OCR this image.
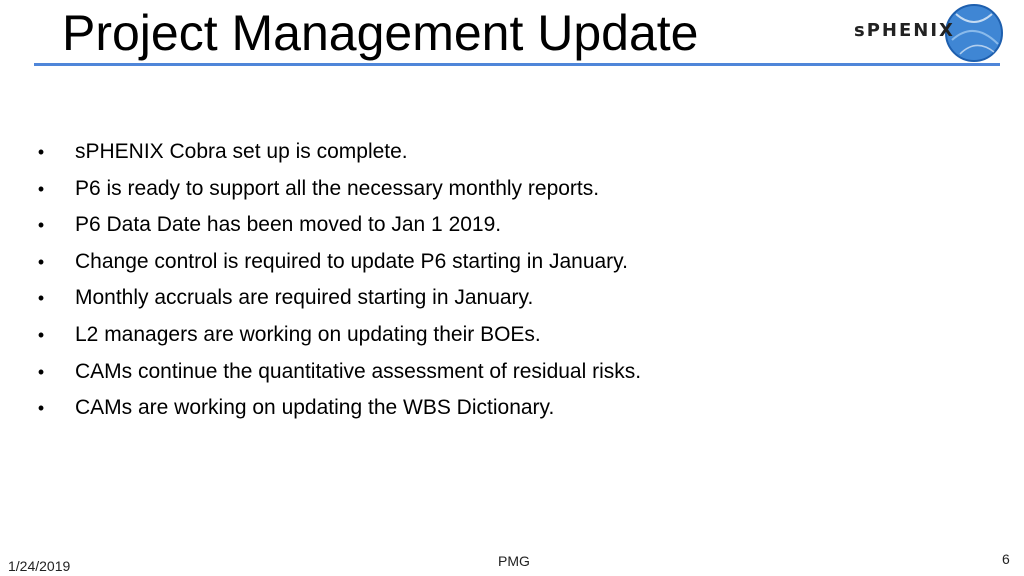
Project Management Update	sPHENIX
• sPHENIX Cobra set up is complete.
• P6 is ready to support all the necessary monthly reports.
• P6 Data Date has been moved to Jan 1 2019.
• Change control is required to update P6 starting in January.
• Monthly accruals are required starting in January.
• L2 managers are working on updating their BOEs.
• CAMs continue the quantitative assessment of residual risks.
• CAMs are working on updating the WBS Dictionary.
1/24/2019	PMG	6
